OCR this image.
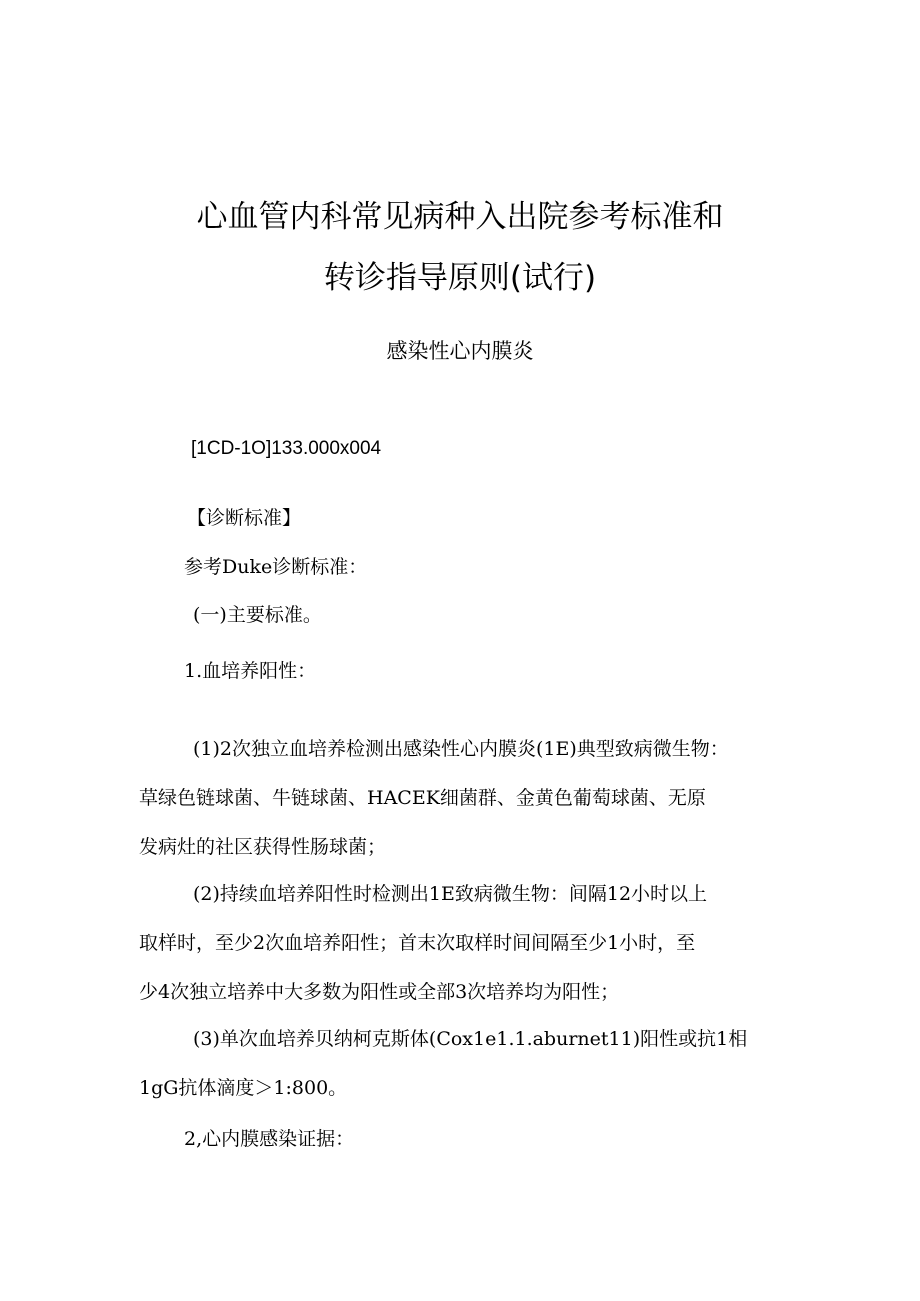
心血管内科常见病种入出院参考标准和
转诊指导原则(试行)
感染性心内膜炎
[1CD-1O]133.000x004
【诊断标准】
参考Duke诊断标准：
(一)主要标准。
1.血培养阳性：
(1)2次独立血培养检测出感染性心内膜炎(1E)典型致病微生物：
草绿色链球菌、牛链球菌、HACEK细菌群、金黄色葡萄球菌、无原
发病灶的社区获得性肠球菌；
(2)持续血培养阳性时检测出1E致病微生物：间隔12小时以上
取样时，至少2次血培养阳性；首末次取样时间间隔至少1小时，至
少4次独立培养中大多数为阳性或全部3次培养均为阳性；
(3)单次血培养贝纳柯克斯体(Cox1e1.1.aburnet11)阳性或抗1相
1gG抗体滴度＞1:800。
2,心内膜感染证据：
